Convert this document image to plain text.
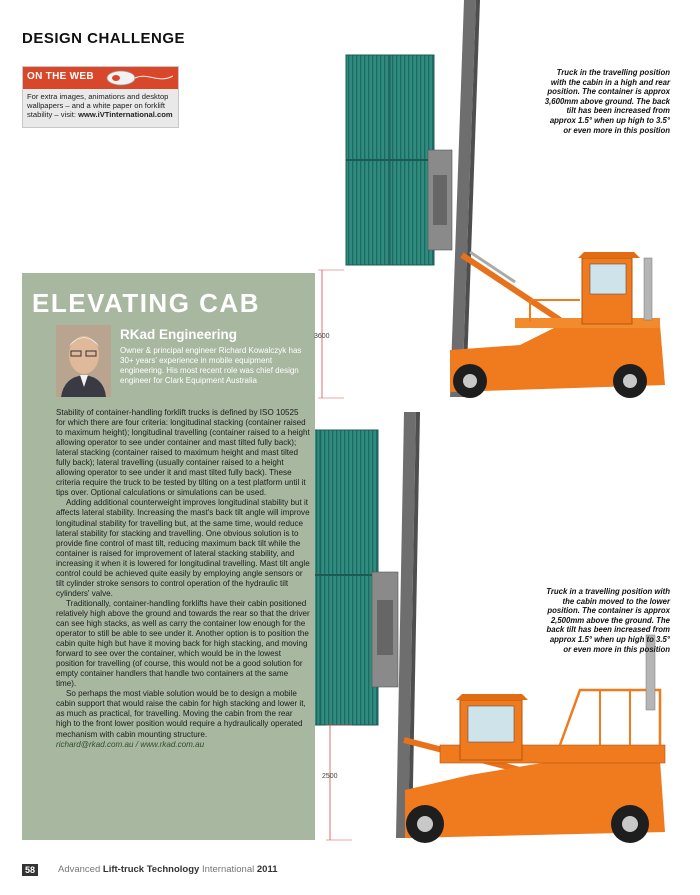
DESIGN CHALLENGE
ON THE WEB
For extra images, animations and desktop wallpapers – and a white paper on forklift stability – visit: www.iVTinternational.com
ELEVATING CAB
RKad Engineering
Owner & principal engineer Richard Kowalczyk has 30+ years' experience in mobile equipment engineering. His most recent role was chief design engineer for Clark Equipment Australia

Stability of container-handling forklift trucks is defined by ISO 10525 for which there are four criteria: longitudinal stacking (container raised to maximum height); longitudinal travelling (container raised to a height allowing operator to see under container and mast tilted fully back); lateral stacking (container raised to maximum height and mast tilted fully back); lateral travelling (usually container raised to a height allowing operator to see under it and mast tilted fully back). These criteria require the truck to be tested by tilting on a test platform until it tips over. Optional calculations or simulations can be used.

Adding additional counterweight improves longitudinal stability but it affects lateral stability. Increasing the mast's back tilt angle will improve longitudinal stability for travelling but, at the same time, would reduce lateral stability for stacking and travelling. One obvious solution is to provide fine control of mast tilt, reducing maximum back tilt while the container is raised for improvement of lateral stacking stability, and increasing it when it is lowered for longitudinal travelling. Mast tilt angle control could be achieved quite easily by employing angle sensors or tilt cylinder stroke sensors to control operation of the hydraulic tilt cylinders' valve.

Traditionally, container-handling forklifts have their cabin positioned relatively high above the ground and towards the rear so that the driver can see high stacks, as well as carry the container low enough for the operator to still be able to see under it. Another option is to position the cabin quite high but have it moving back for high stacking, and moving forward to see over the container, which would be in the lowest position for travelling (of course, this would not be a good solution for empty container handlers that handle two containers at the same time).

So perhaps the most viable solution would be to design a mobile cabin support that would raise the cabin for high stacking and lower it, as much as practical, for travelling. Moving the cabin from the rear high to the front lower position would require a hydraulically operated mechanism with cabin mounting structure.

richard@rkad.com.au / www.rkad.com.au
Truck in the travelling position with the cabin in a high and rear position. The container is approx 3,600mm above ground. The back tilt has been increased from approx 1.5° when up high to 3.5° or even more in this position
Truck in a travelling position with the cabin moved to the lower position. The container is approx 2,500mm above the ground. The back tilt has been increased from approx 1.5° when up high to 3.5° or even more in this position
3600
2500
58	Advanced Lift-truck Technology International 2011
